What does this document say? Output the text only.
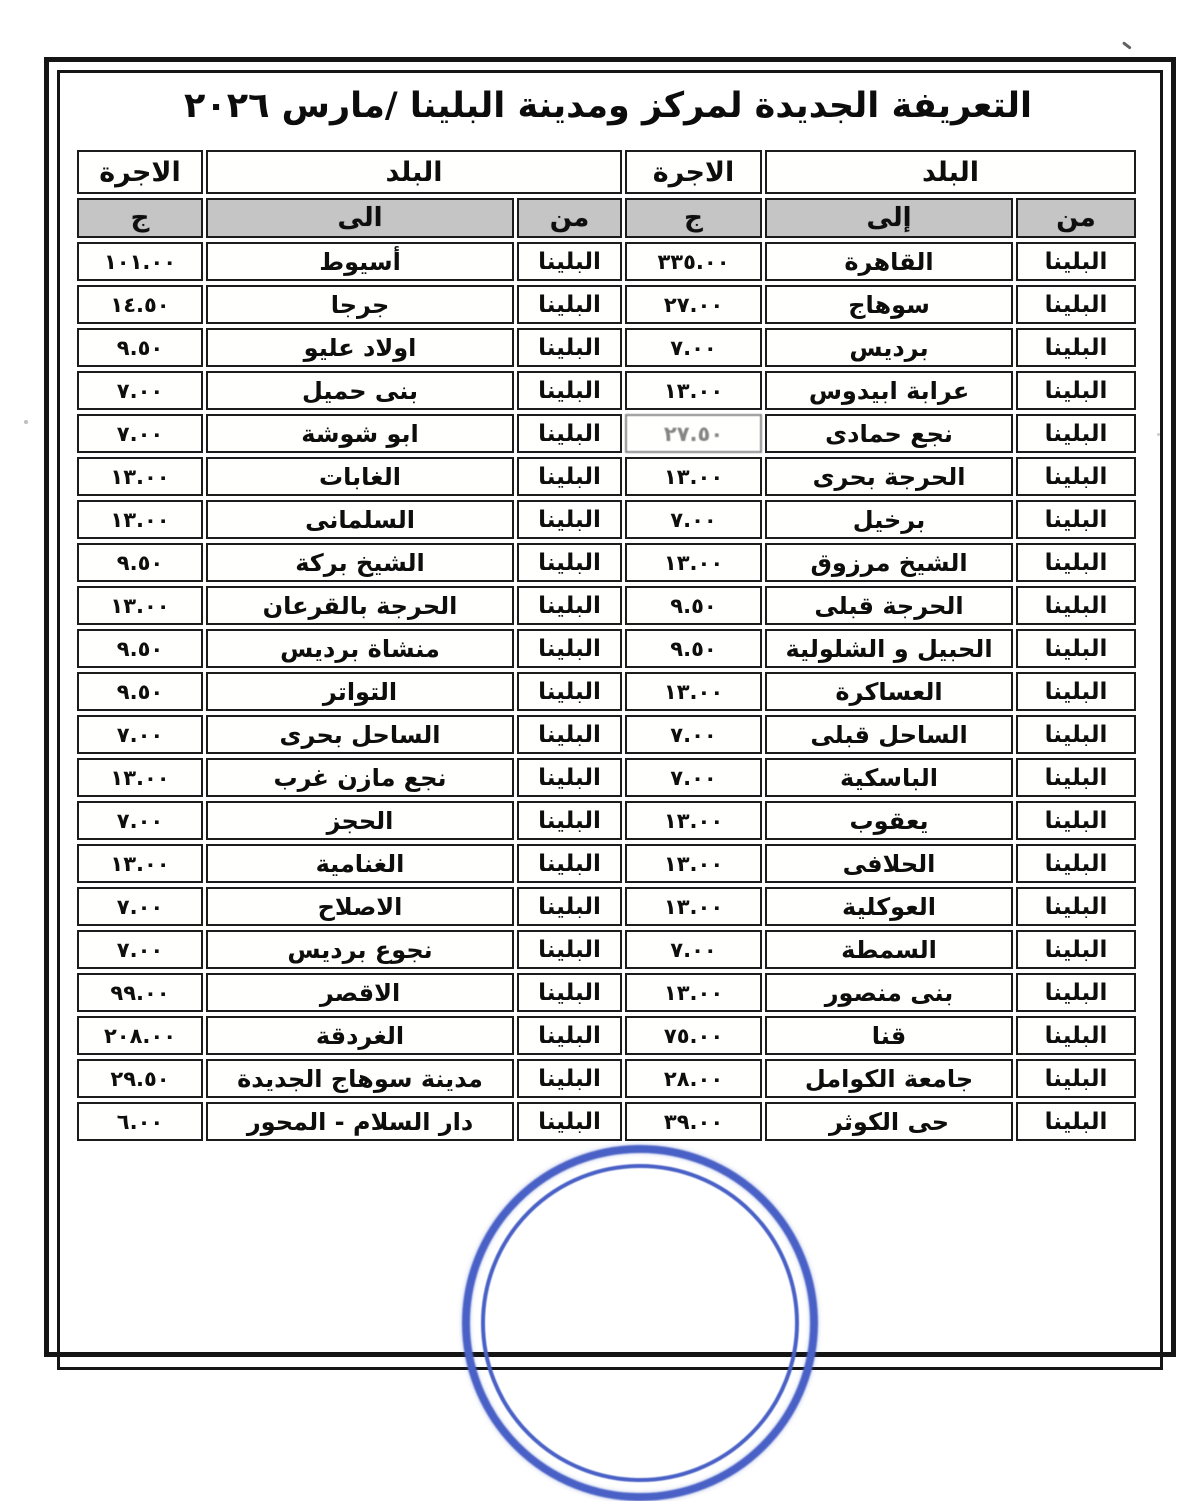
التعريفة الجديدة لمركز ومدينة البلينا /مارس ٢٠٢٦
البلد		الاجرة	البلد		الاجرة
من	إلى	ج	من	الى	ج
البلينا	القاهرة	٣٣٥.٠٠	البلينا	أسيوط	١٠١.٠٠
البلينا	سوهاج	٢٧.٠٠	البلينا	جرجا	١٤.٥٠
البلينا	برديس	٧.٠٠	البلينا	اولاد عليو	٩.٥٠
البلينا	عرابة ابيدوس	١٣.٠٠	البلينا	بنى حميل	٧.٠٠
البلينا	نجع حمادى	٢٧.٥٠	البلينا	ابو شوشة	٧.٠٠
البلينا	الحرجة بحرى	١٣.٠٠	البلينا	الغابات	١٣.٠٠
البلينا	برخيل	٧.٠٠	البلينا	السلمانى	١٣.٠٠
البلينا	الشيخ مرزوق	١٣.٠٠	البلينا	الشيخ بركة	٩.٥٠
البلينا	الحرجة قبلى	٩.٥٠	البلينا	الحرجة بالقرعان	١٣.٠٠
البلينا	الحبيل و الشلولية	٩.٥٠	البلينا	منشاة برديس	٩.٥٠
البلينا	العساكرة	١٣.٠٠	البلينا	التواتر	٩.٥٠
البلينا	الساحل قبلى	٧.٠٠	البلينا	الساحل بحرى	٧.٠٠
البلينا	الباسكية	٧.٠٠	البلينا	نجع مازن غرب	١٣.٠٠
البلينا	يعقوب	١٣.٠٠	البلينا	الحجز	٧.٠٠
البلينا	الحلافى	١٣.٠٠	البلينا	الغنامية	١٣.٠٠
البلينا	العوكلية	١٣.٠٠	البلينا	الاصلاح	٧.٠٠
البلينا	السمطة	٧.٠٠	البلينا	نجوع برديس	٧.٠٠
البلينا	بنى منصور	١٣.٠٠	البلينا	الاقصر	٩٩.٠٠
البلينا	قنا	٧٥.٠٠	البلينا	الغردقة	٢٠٨.٠٠
البلينا	جامعة الكوامل	٢٨.٠٠	البلينا	مدينة سوهاج الجديدة	٢٩.٥٠
البلينا	حى الكوثر	٣٩.٠٠	البلينا	دار السلام - المحور	٦.٠٠
